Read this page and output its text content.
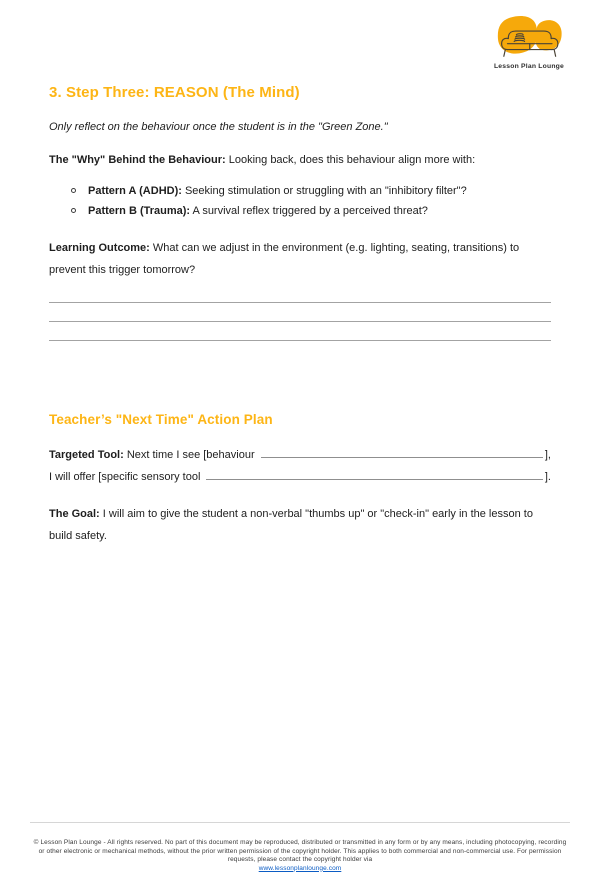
Lesson Plan Lounge
3. Step Three: REASON (The Mind)

Only reflect on the behaviour once the student is in the "Green Zone."

The "Why" Behind the Behaviour: Looking back, does this behaviour align more with:

Pattern A (ADHD): Seeking stimulation or struggling with an "inhibitory filter"?
Pattern B (Trauma): A survival reflex triggered by a perceived threat?

Learning Outcome: What can we adjust in the environment (e.g. lighting, seating, transitions) to prevent this trigger tomorrow?

Teacher’s "Next Time" Action Plan
Targeted Tool: Next time I see [behaviour	],
I will offer [specific sensory tool	].

The Goal: I will aim to give the student a non-verbal "thumbs up" or "check-in" early in the lesson to build safety.

© Lesson Plan Lounge - All rights reserved. No part of this document may be reproduced, distributed or transmitted in any form or by any means, including photocopying, recording or other electronic or mechanical methods, without the prior written permission of the copyright holder. This applies to both commercial and non-commercial use. For permission requests, please contact the copyright holder via
www.lessonplanlounge.com
